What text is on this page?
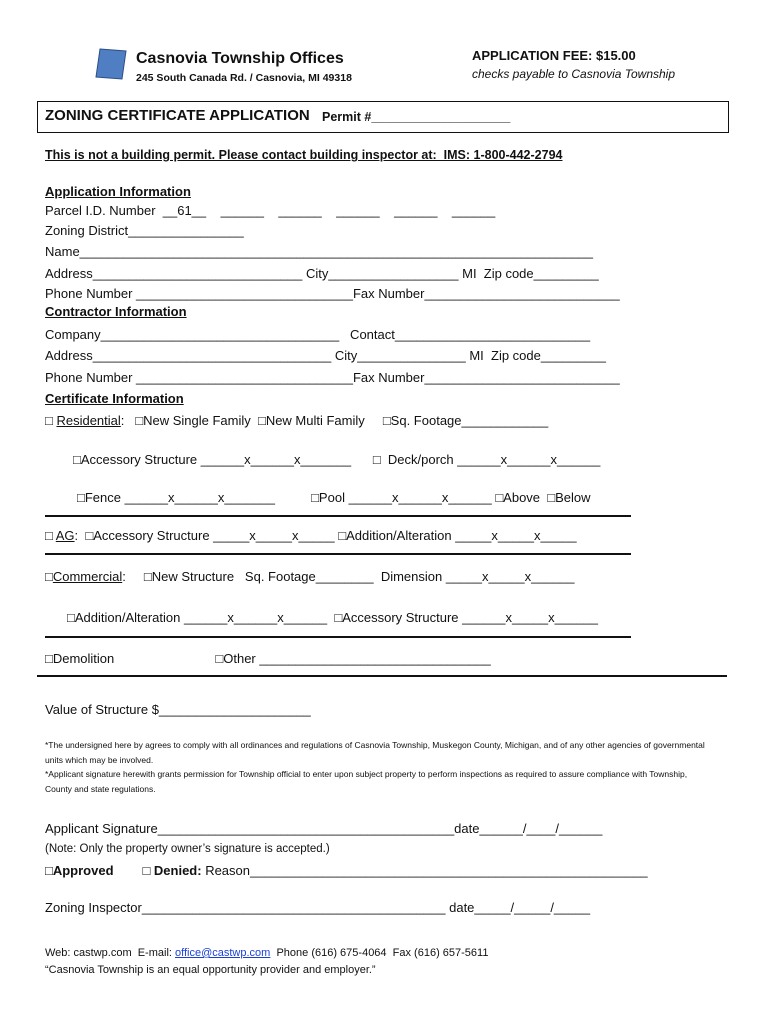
Casnovia Township Offices
245 South Canada Rd. / Casnovia, MI 49318
APPLICATION FEE: $15.00
checks payable to Casnovia Township
ZONING CERTIFICATE APPLICATION Permit #____________________
This is not a building permit. Please contact building inspector at:  IMS: 1-800-442-2794
Application Information
Parcel I.D. Number  __61__    ______    ______    ______    ______    ______
Zoning District________________
Name_______________________________________________________________________
Address_____________________________ City__________________ MI  Zip code_________
Phone Number ______________________________Fax Number___________________________
Contractor Information
Company_________________________________   Contact___________________________
Address_________________________________ City_______________ MI  Zip code_________
Phone Number ______________________________Fax Number___________________________
Certificate Information
□ Residential:   □New Single Family  □New Multi Family     □Sq. Footage____________
□Accessory Structure ______x______x_______      □  Deck/porch ______x______x______
□Fence ______x______x_______          □Pool ______x______x______ □Above  □Below
□ AG:  □Accessory Structure _____x_____x_____ □Addition/Alteration _____x_____x_____
□Commercial:     □New Structure   Sq. Footage________  Dimension _____x_____x______
□Addition/Alteration ______x______x______  □Accessory Structure ______x_____x______
□Demolition                            □Other ________________________________
Value of Structure $_____________________
*The undersigned here by agrees to comply with all ordinances and regulations of Casnovia Township, Muskegon County, Michigan, and of any other agencies of governmental units which may be involved.
*Applicant signature herewith grants permission for Township official to enter upon subject property to perform inspections as required to assure compliance with Township, County and state regulations.
Applicant Signature_________________________________________date______/____/______
(Note: Only the property owner’s signature is accepted.)
□Approved □ Denied: Reason_______________________________________________________
Zoning Inspector__________________________________________ date_____/_____/_____
Web: castwp.com  E-mail: office@castwp.com  Phone (616) 675-4064  Fax (616) 657-5611
“Casnovia Township is an equal opportunity provider and employer.”
